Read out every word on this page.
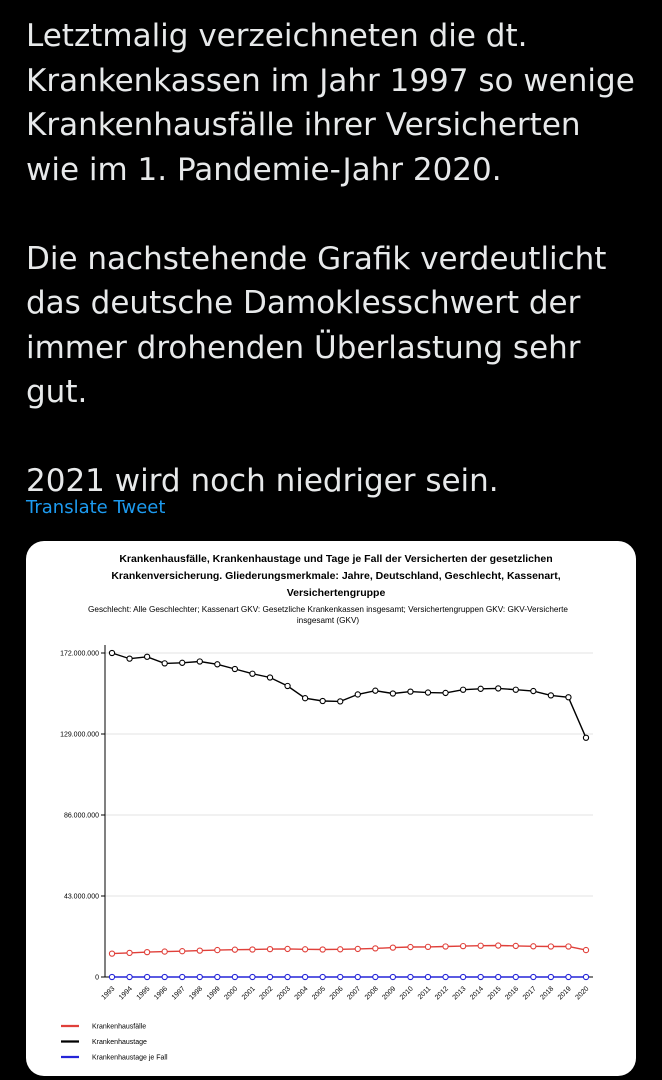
Letztmalig verzeichneten die dt.

Krankenkassen im Jahr 1997 so wenige

Krankenhausfälle ihrer Versicherten

wie im 1. Pandemie-Jahr 2020.

Die nachstehende Grafik verdeutlicht

das deutsche Damoklesschwert der

immer drohenden Überlastung sehr

gut.

2021 wird noch niedriger sein.

Translate Tweet
Krankenhausfälle, Krankenhaustage und Tage je Fall der Versicherten der gesetzlichen
Krankenversicherung. Gliederungsmerkmale: Jahre, Deutschland, Geschlecht, Kassenart,
Versichertengruppe
Geschlecht: Alle Geschlechter; Kassenart GKV: Gesetzliche Krankenkassen insgesamt; Versichertengruppen GKV: GKV-Versicherte
insgesamt (GKV)
0
43.000.000
86.000.000
129.000.000
172.000.000
1993 1994 1995 1996 1997 1998 1999 2000 2001 2002 2003 2004 2005 2006 2007 2008 2009 2010 2011 2012 2013 2014 2015 2016 2017 2018 2019 2020
Krankenhausfälle
Krankenhaustage
Krankenhaustage je Fall
